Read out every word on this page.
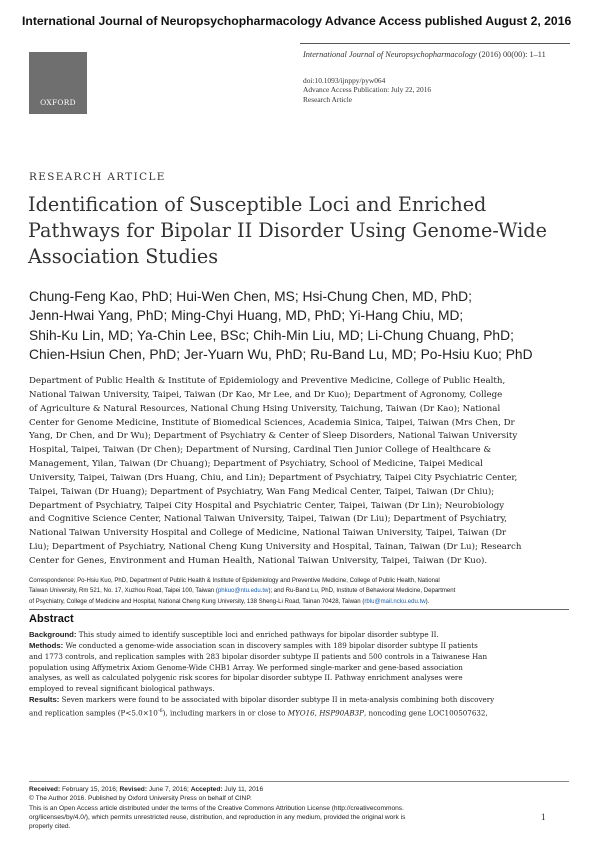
International Journal of Neuropsychopharmacology Advance Access published August 2, 2016
OXFORD
International Journal of Neuropsychopharmacology (2016) 00(00): 1–11
doi:10.1093/ijnppy/pyw064
Advance Access Publication: July 22, 2016
Research Article
RESEARCH ARTICLE
Identification of Susceptible Loci and Enriched
Pathways for Bipolar II Disorder Using Genome-Wide
Association Studies
Chung-Feng Kao, PhD; Hui-Wen Chen, MS; Hsi-Chung Chen, MD, PhD;
Jenn-Hwai Yang, PhD; Ming-Chyi Huang, MD, PhD; Yi-Hang Chiu, MD;
Shih-Ku Lin, MD; Ya-Chin Lee, BSc; Chih-Min Liu, MD; Li-Chung Chuang, PhD;
Chien-Hsiun Chen, PhD; Jer-Yuarn Wu, PhD; Ru-Band Lu, MD; Po-Hsiu Kuo; PhD
Department of Public Health & Institute of Epidemiology and Preventive Medicine, College of Public Health,
National Taiwan University, Taipei, Taiwan (Dr Kao, Mr Lee, and Dr Kuo); Department of Agronomy, College
of Agriculture & Natural Resources, National Chung Hsing University, Taichung, Taiwan (Dr Kao); National
Center for Genome Medicine, Institute of Biomedical Sciences, Academia Sinica, Taipei, Taiwan (Mrs Chen, Dr
Yang, Dr Chen, and Dr Wu); Department of Psychiatry & Center of Sleep Disorders, National Taiwan University
Hospital, Taipei, Taiwan (Dr Chen); Department of Nursing, Cardinal Tien Junior College of Healthcare &
Management, Yilan, Taiwan (Dr Chuang); Department of Psychiatry, School of Medicine, Taipei Medical
University, Taipei, Taiwan (Drs Huang, Chiu, and Lin); Department of Psychiatry, Taipei City Psychiatric Center,
Taipei, Taiwan (Dr Huang); Department of Psychiatry, Wan Fang Medical Center, Taipei, Taiwan (Dr Chiu);
Department of Psychiatry, Taipei City Hospital and Psychiatric Center, Taipei, Taiwan (Dr Lin); Neurobiology
and Cognitive Science Center, National Taiwan University, Taipei, Taiwan (Dr Liu); Department of Psychiatry,
National Taiwan University Hospital and College of Medicine, National Taiwan University, Taipei, Taiwan (Dr
Liu); Department of Psychiatry, National Cheng Kung University and Hospital, Tainan, Taiwan (Dr Lu); Research
Center for Genes, Environment and Human Health, National Taiwan University, Taipei, Taiwan (Dr Kuo).
Correspondence: Po-Hsiu Kuo, PhD, Department of Public Health & Institute of Epidemiology and Preventive Medicine, College of Public Health, National
Taiwan University, Rm 521, No. 17, Xuzhou Road, Taipei 100, Taiwan (phkuo@ntu.edu.tw); and Ru-Band Lu, PhD, Institute of Behavioral Medicine, Department
of Psychiatry, College of Medicine and Hospital, National Cheng Kung University, 138 Sheng-Li Road, Tainan 70428, Taiwan (rblu@mail.ncku.edu.tw).
Abstract
Background: This study aimed to identify susceptible loci and enriched pathways for bipolar disorder subtype II.
Methods: We conducted a genome-wide association scan in discovery samples with 189 bipolar disorder subtype II patients
and 1773 controls, and replication samples with 283 bipolar disorder subtype II patients and 500 controls in a Taiwanese Han
population using Affymetrix Axiom Genome-Wide CHB1 Array. We performed single-marker and gene-based association
analyses, as well as calculated polygenic risk scores for bipolar disorder subtype II. Pathway enrichment analyses were
employed to reveal significant biological pathways.
Results: Seven markers were found to be associated with bipolar disorder subtype II in meta-analysis combining both discovery
and replication samples $(P<5.0\times 10^{-6})$, including markers in or close to MYO16, HSP90AB3P, noncoding gene LOC100507632,
Received: February 15, 2016; Revised: June 7, 2016; Accepted: July 11, 2016
© The Author 2016. Published by Oxford University Press on behalf of CINP.
This is an Open Access article distributed under the terms of the Creative Commons Attribution License (http://creativecommons.
org/licenses/by/4.0/), which permits unrestricted reuse, distribution, and reproduction in any medium, provided the original work is
properly cited.
1
